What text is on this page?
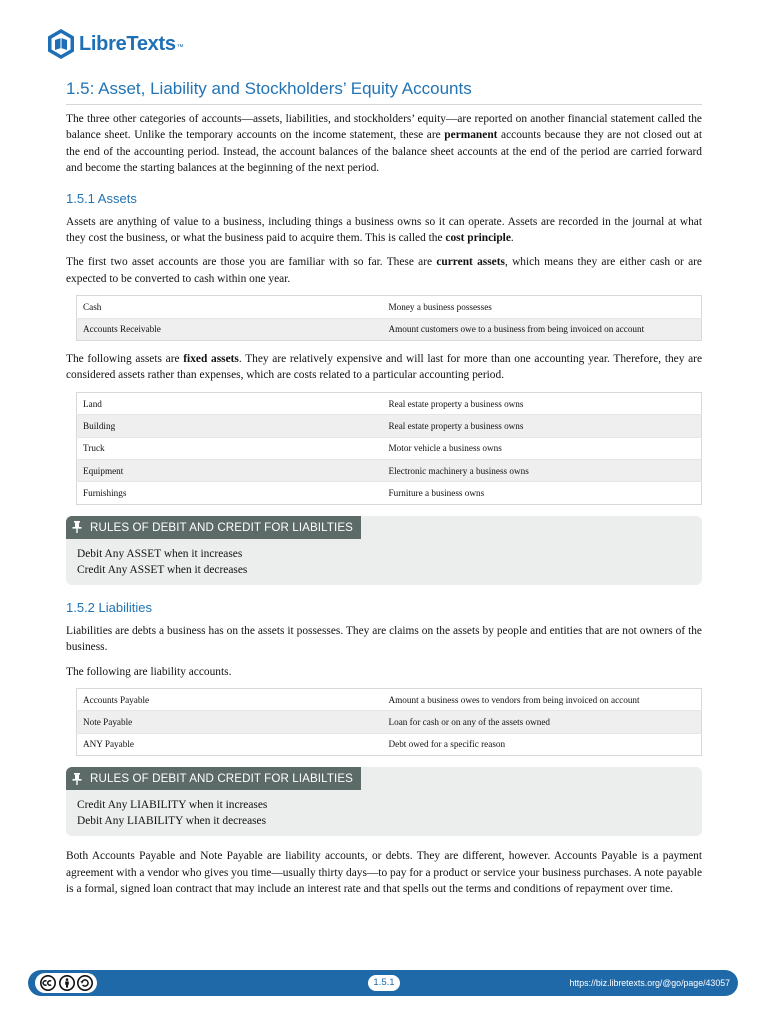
LibreTexts ™
1.5: Asset, Liability and Stockholders’ Equity Accounts

The three other categories of accounts—assets, liabilities, and stockholders’ equity—are reported on another financial statement called the balance sheet. Unlike the temporary accounts on the income statement, these are permanent accounts because they are not closed out at the end of the accounting period. Instead, the account balances of the balance sheet accounts at the end of the period are carried forward and become the starting balances at the beginning of the next period.

1.5.1 Assets

Assets are anything of value to a business, including things a business owns so it can operate. Assets are recorded in the journal at what they cost the business, or what the business paid to acquire them. This is called the cost principle.

The first two asset accounts are those you are familiar with so far. These are current assets, which means they are either cash or are expected to be converted to cash within one year.

Cash	Money a business possesses
Accounts Receivable	Amount customers owe to a business from being invoiced on account

The following assets are fixed assets. They are relatively expensive and will last for more than one accounting year. Therefore, they are considered assets rather than expenses, which are costs related to a particular accounting period.

Land	Real estate property a business owns
Building	Real estate property a business owns
Truck	Motor vehicle a business owns
Equipment	Electronic machinery a business owns
Furnishings	Furniture a business owns
RULES OF DEBIT AND CREDIT FOR LIABILTIES
Debit Any ASSET when it increases
Credit Any ASSET when it decreases
1.5.2 Liabilities

Liabilities are debts a business has on the assets it possesses. They are claims on the assets by people and entities that are not owners of the business.

The following are liability accounts.

Accounts Payable	Amount a business owes to vendors from being invoiced on account
Note Payable	Loan for cash or on any of the assets owned
ANY Payable	Debt owed for a specific reason
RULES OF DEBIT AND CREDIT FOR LIABILTIES
Credit Any LIABILITY when it increases
Debit Any LIABILITY when it decreases

Both Accounts Payable and Note Payable are liability accounts, or debts. They are different, however. Accounts Payable is a payment agreement with a vendor who gives you time—usually thirty days—to pay for a product or service your business purchases. A note payable is a formal, signed loan contract that may include an interest rate and that spells out the terms and conditions of repayment over time.

1.5.1	https://biz.libretexts.org/@go/page/43057
